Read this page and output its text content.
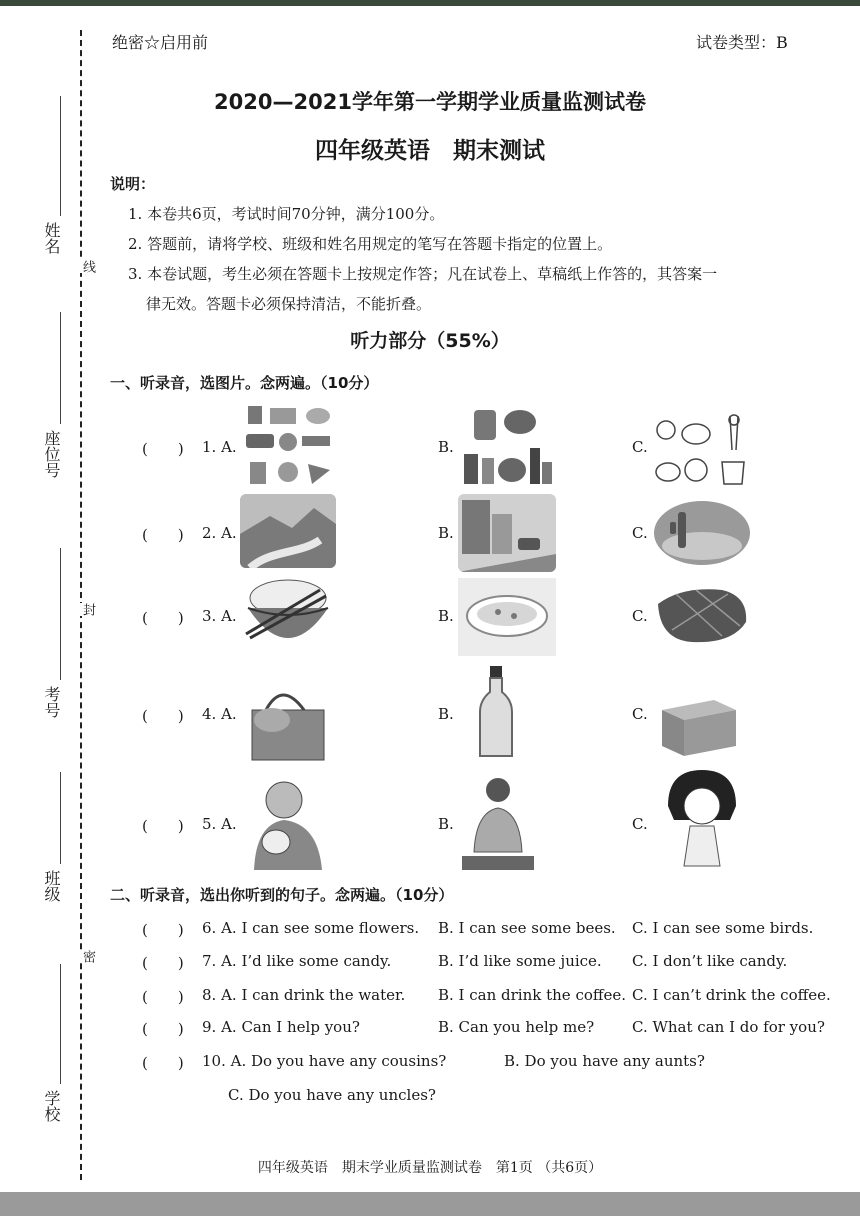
姓名
座位号
考号
班级
学校
线
封
密
绝密☆启用前	试卷类型：B
2020—2021学年第一学期学业质量监测试卷
四年级英语　期末测试
说明：
1. 本卷共6页，考试时间70分钟，满分100分。
2. 答题前，请将学校、班级和姓名用规定的笔写在答题卡指定的位置上。
3. 本卷试题，考生必须在答题卡上按规定作答；凡在试卷上、草稿纸上作答的，其答案一
律无效。答题卡必须保持清洁，不能折叠。
听力部分（55%）
一、听录音，选图片。念两遍。（10分）
(　　) 1. A.	B.	C.
(　　) 2. A.	B.	C.
(　　) 3. A.	B.	C.
(　　) 4. A.	B.	C.
(　　) 5. A.	B.	C.
二、听录音，选出你听到的句子。念两遍。（10分）
(　　) 6. A. I can see some flowers. B. I can see some bees. C. I can see some birds.
(　　) 7. A. I’d like some candy.	B. I’d like some juice. C. I don’t like candy.
(　　) 8. A. I can drink the water. B. I can drink the coffee. C. I can’t drink the coffee.
(　　) 9. A. Can I help you?	B. Can you help me?	C. What can I do for you?
(　　) 10. A. Do you have any cousins?	B. Do you have any aunts?
C. Do you have any uncles?
四年级英语　期末学业质量监测试卷　第1页 （共6页）
